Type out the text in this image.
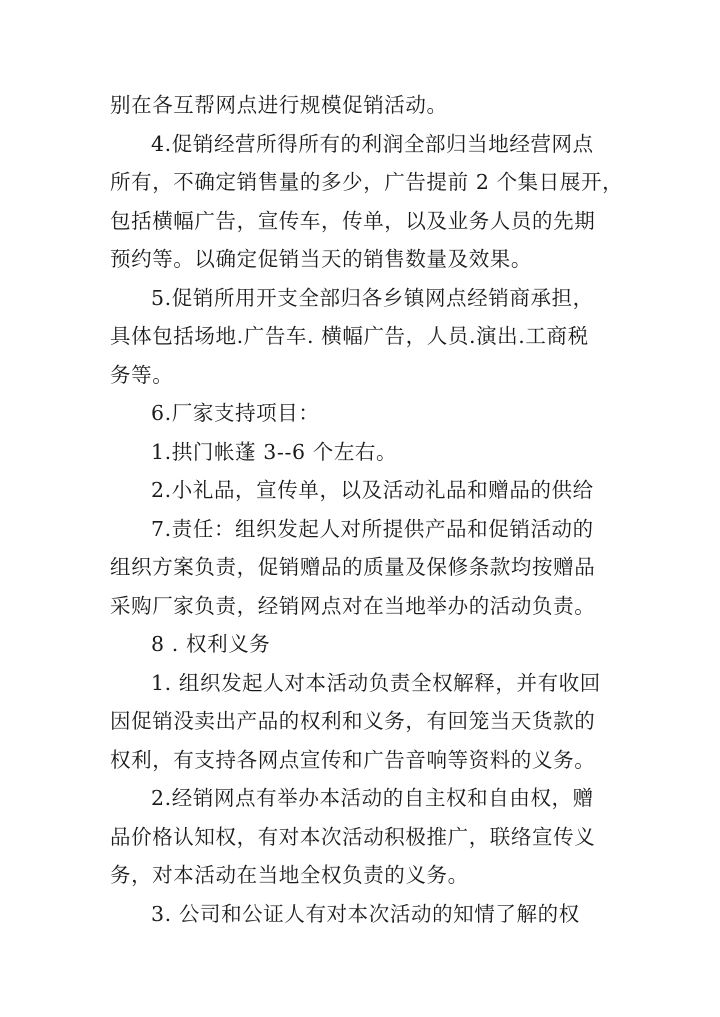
别在各互帮网点进行规模促销活动。
4.促销经营所得所有的利润全部归当地经营网点
所有，不确定销售量的多少，广告提前 2 个集日展开，
包括横幅广告，宣传车，传单，以及业务人员的先期
预约等。以确定促销当天的销售数量及效果。
5.促销所用开支全部归各乡镇网点经销商承担，
具体包括场地.广告车. 横幅广告，人员.演出.工商税
务等。
6.厂家支持项目：
1.拱门帐蓬 3--6 个左右。
2.小礼品，宣传单，以及活动礼品和赠品的供给
7.责任：组织发起人对所提供产品和促销活动的
组织方案负责，促销赠品的质量及保修条款均按赠品
采购厂家负责，经销网点对在当地举办的活动负责。
8 . 权利义务
1. 组织发起人对本活动负责全权解释，并有收回
因促销没卖出产品的权利和义务，有回笼当天货款的
权利，有支持各网点宣传和广告音响等资料的义务。
2.经销网点有举办本活动的自主权和自由权，赠
品价格认知权，有对本次活动积极推广，联络宣传义
务，对本活动在当地全权负责的义务。
3. 公司和公证人有对本次活动的知情了解的权
